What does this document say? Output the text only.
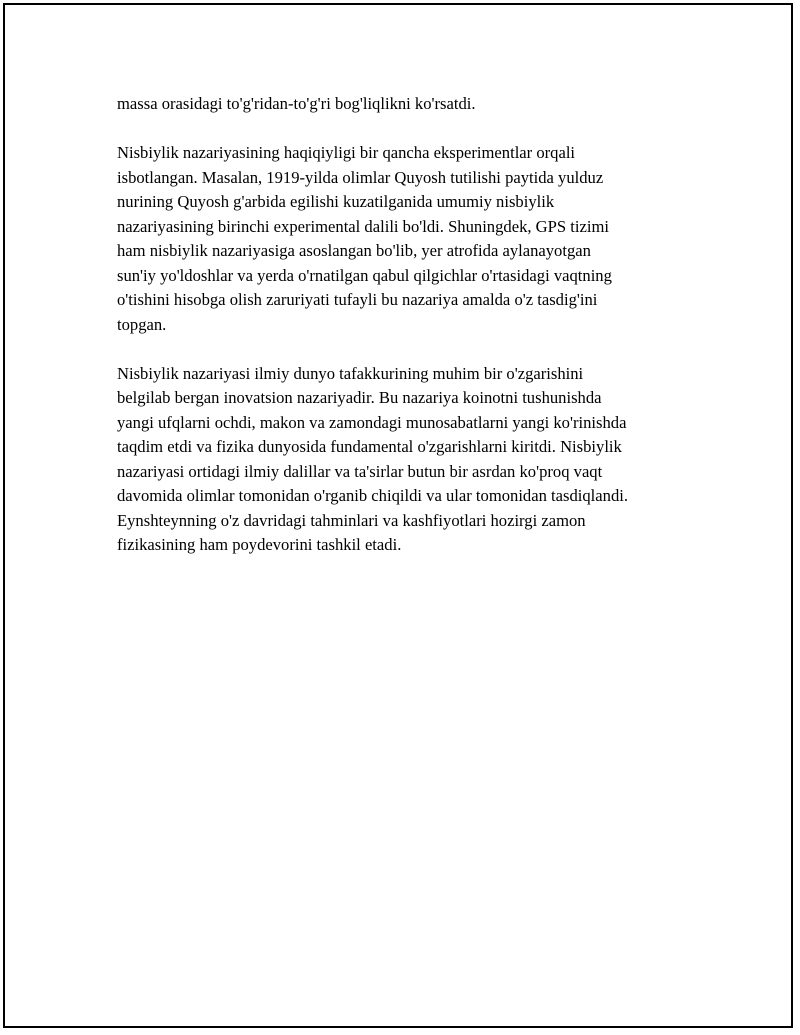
massa orasidagi to'g'ridan-to'g'ri bog'liqlikni ko'rsatdi.

Nisbiylik nazariyasining haqiqiyligi bir qancha eksperimentlar orqali
isbotlangan. Masalan, 1919-yilda olimlar Quyosh tutilishi paytida yulduz
nurining Quyosh g'arbida egilishi kuzatilganida umumiy nisbiylik
nazariyasining birinchi experimental dalili bo'ldi. Shuningdek, GPS tizimi
ham nisbiylik nazariyasiga asoslangan bo'lib, yer atrofida aylanayotgan
sun'iy yo'ldoshlar va yerda o'rnatilgan qabul qilgichlar o'rtasidagi vaqtning
o'tishini hisobga olish zaruriyati tufayli bu nazariya amalda o'z tasdig'ini
topgan.

Nisbiylik nazariyasi ilmiy dunyo tafakkurining muhim bir o'zgarishini
belgilab bergan inovatsion nazariyadir. Bu nazariya koinotni tushunishda
yangi ufqlarni ochdi, makon va zamondagi munosabatlarni yangi ko'rinishda
taqdim etdi va fizika dunyosida fundamental o'zgarishlarni kiritdi. Nisbiylik
nazariyasi ortidagi ilmiy dalillar va ta'sirlar butun bir asrdan ko'proq vaqt
davomida olimlar tomonidan o'rganib chiqildi va ular tomonidan tasdiqlandi.
Eynshteynning o'z davridagi tahminlari va kashfiyotlari hozirgi zamon
fizikasining ham poydevorini tashkil etadi.
